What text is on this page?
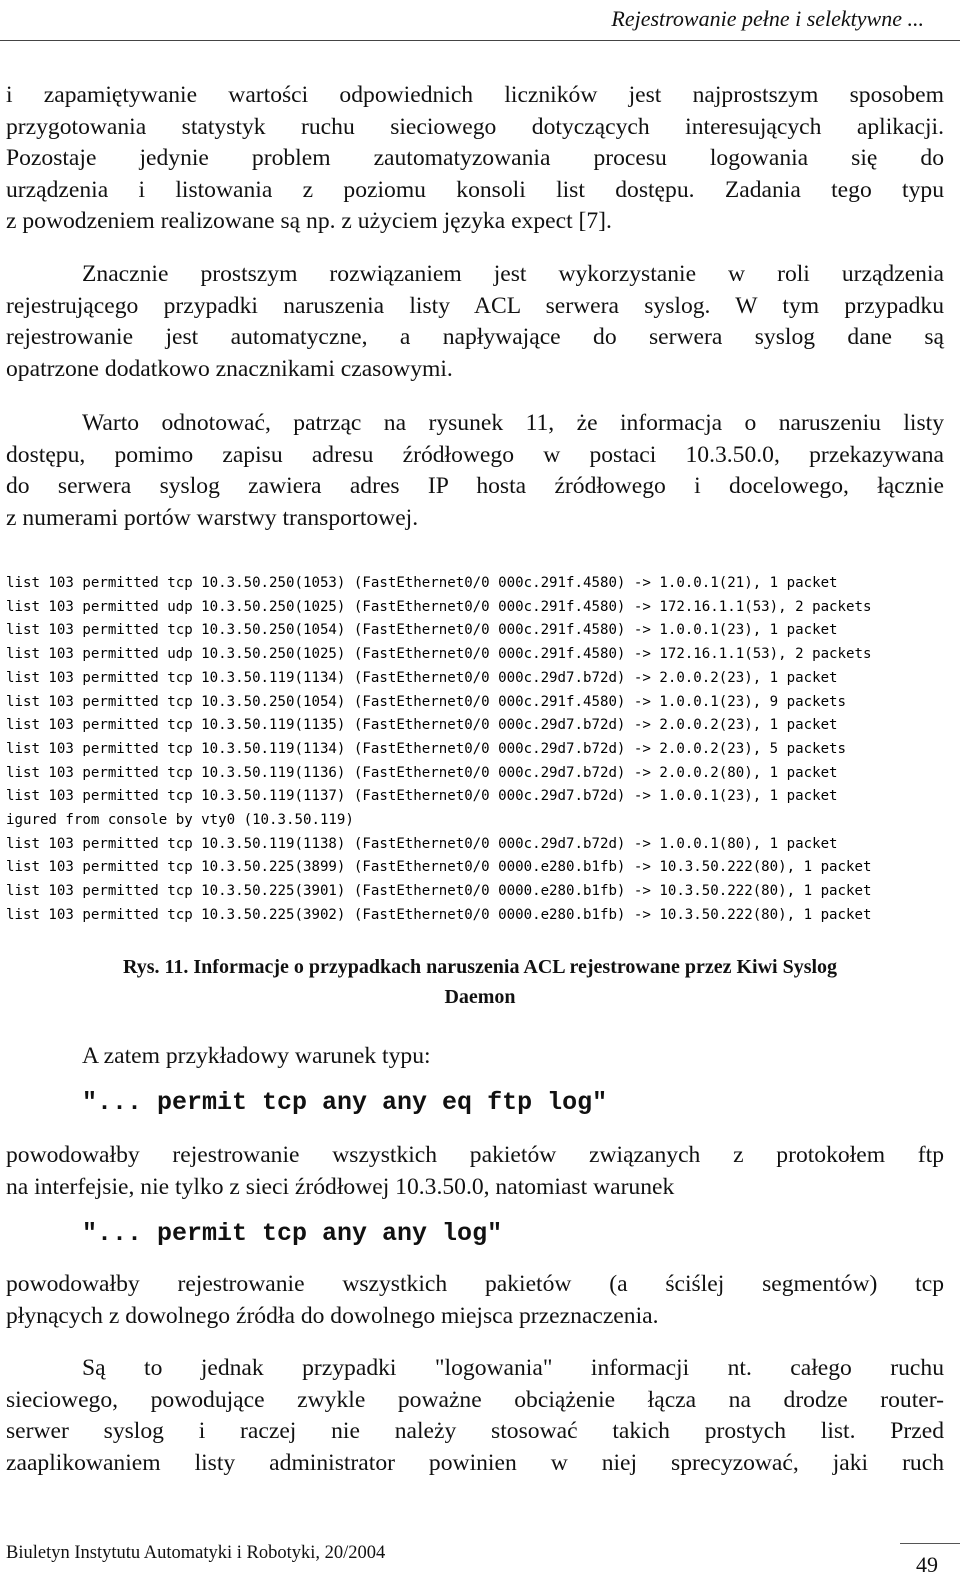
Rejestrowanie pełne i selektywne ...
i zapamiętywanie wartości odpowiednich liczników jest najprostszym sposobem
przygotowania statystyk ruchu sieciowego dotyczących interesujących aplikacji.
Pozostaje jedynie problem zautomatyzowania procesu logowania się do
urządzenia i listowania z poziomu konsoli list dostępu. Zadania tego typu
z powodzeniem realizowane są np. z użyciem języka expect [7].
Znacznie prostszym rozwiązaniem jest wykorzystanie w roli urządzenia
rejestrującego przypadki naruszenia listy ACL serwera syslog. W tym przypadku
rejestrowanie jest automatyczne, a napływające do serwera syslog dane są
opatrzone dodatkowo znacznikami czasowymi.
Warto odnotować, patrząc na rysunek 11, że informacja o naruszeniu listy
dostępu, pomimo zapisu adresu źródłowego w postaci 10.3.50.0, przekazywana
do serwera syslog zawiera adres IP hosta źródłowego i docelowego, łącznie
z numerami portów warstwy transportowej.
list 103 permitted tcp 10.3.50.250(1053) (FastEthernet0/0 000c.291f.4580) -> 1.0.0.1(21), 1 packet
list 103 permitted udp 10.3.50.250(1025) (FastEthernet0/0 000c.291f.4580) -> 172.16.1.1(53), 2 packets
list 103 permitted tcp 10.3.50.250(1054) (FastEthernet0/0 000c.291f.4580) -> 1.0.0.1(23), 1 packet
list 103 permitted udp 10.3.50.250(1025) (FastEthernet0/0 000c.291f.4580) -> 172.16.1.1(53), 2 packets
list 103 permitted tcp 10.3.50.119(1134) (FastEthernet0/0 000c.29d7.b72d) -> 2.0.0.2(23), 1 packet
list 103 permitted tcp 10.3.50.250(1054) (FastEthernet0/0 000c.291f.4580) -> 1.0.0.1(23), 9 packets
list 103 permitted tcp 10.3.50.119(1135) (FastEthernet0/0 000c.29d7.b72d) -> 2.0.0.2(23), 1 packet
list 103 permitted tcp 10.3.50.119(1134) (FastEthernet0/0 000c.29d7.b72d) -> 2.0.0.2(23), 5 packets
list 103 permitted tcp 10.3.50.119(1136) (FastEthernet0/0 000c.29d7.b72d) -> 2.0.0.2(80), 1 packet
list 103 permitted tcp 10.3.50.119(1137) (FastEthernet0/0 000c.29d7.b72d) -> 1.0.0.1(23), 1 packet
igured from console by vty0 (10.3.50.119)
list 103 permitted tcp 10.3.50.119(1138) (FastEthernet0/0 000c.29d7.b72d) -> 1.0.0.1(80), 1 packet
list 103 permitted tcp 10.3.50.225(3899) (FastEthernet0/0 0000.e280.b1fb) -> 10.3.50.222(80), 1 packet
list 103 permitted tcp 10.3.50.225(3901) (FastEthernet0/0 0000.e280.b1fb) -> 10.3.50.222(80), 1 packet
list 103 permitted tcp 10.3.50.225(3902) (FastEthernet0/0 0000.e280.b1fb) -> 10.3.50.222(80), 1 packet
Rys. 11. Informacje o przypadkach naruszenia ACL rejestrowane przez Kiwi Syslog
Daemon
A zatem przykładowy warunek typu:
"... permit tcp any any eq ftp log"
powodowałby rejestrowanie wszystkich pakietów związanych z protokołem ftp
na interfejsie, nie tylko z sieci źródłowej 10.3.50.0, natomiast warunek
"... permit tcp any any log"
powodowałby rejestrowanie wszystkich pakietów (a ściślej segmentów) tcp
płynących z dowolnego źródła do dowolnego miejsca przeznaczenia.
Są to jednak przypadki "logowania" informacji nt. całego ruchu
sieciowego, powodujące zwykle poważne obciążenie łącza na drodze router-
serwer syslog i raczej nie należy stosować takich prostych list. Przed
zaaplikowaniem listy administrator powinien w niej sprecyzować, jaki ruch
Biuletyn Instytutu Automatyki i Robotyki, 20/2004	49
